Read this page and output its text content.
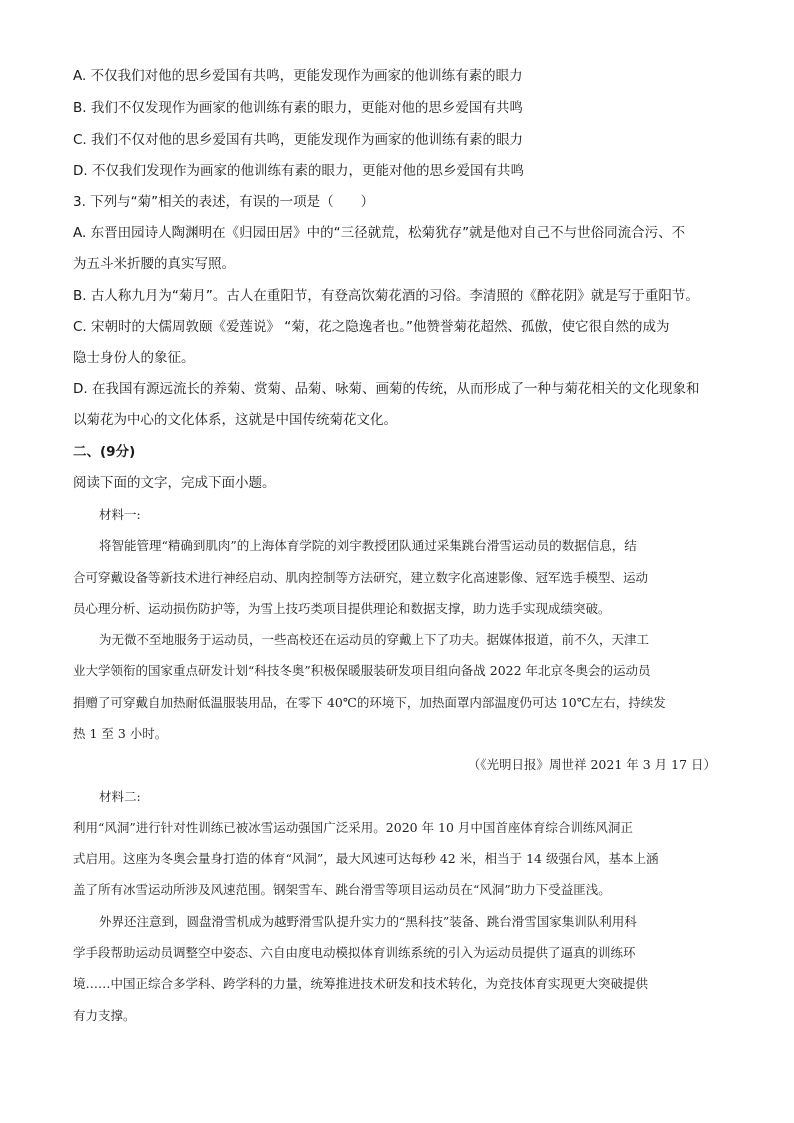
A. 不仅我们对他的思乡爱国有共鸣，更能发现作为画家的他训练有素的眼力
B. 我们不仅发现作为画家的他训练有素的眼力，更能对他的思乡爱国有共鸣
C. 我们不仅对他的思乡爱国有共鸣，更能发现作为画家的他训练有素的眼力
D. 不仅我们发现作为画家的他训练有素的眼力，更能对他的思乡爱国有共鸣
3. 下列与“菊”相关的表述，有误的一项是（　　）
A. 东晋田园诗人陶渊明在《归园田居》中的“三径就荒，松菊犹存”就是他对自己不与世俗同流合污、不
为五斗米折腰的真实写照。
B. 古人称九月为“菊月”。古人在重阳节，有登高饮菊花酒的习俗。李清照的《醉花阴》就是写于重阳节。
C. 宋朝时的大儒周敦颐《爱莲说》 “菊，花之隐逸者也。”他赞誉菊花超然、孤傲，使它很自然的成为
隐士身份人的象征。
D. 在我国有源远流长的养菊、赏菊、品菊、咏菊、画菊的传统，从而形成了一种与菊花相关的文化现象和
以菊花为中心的文化体系，这就是中国传统菊花文化。
二、(9分)
阅读下面的文字，完成下面小题。
材料一:
将智能管理“精确到肌肉”的上海体育学院的刘宇教授团队通过采集跳台滑雪运动员的数据信息，结
合可穿戴设备等新技术进行神经启动、肌肉控制等方法研究，建立数字化高速影像、冠军选手模型、运动
员心理分析、运动损伤防护等，为雪上技巧类项目提供理论和数据支撑，助力选手实现成绩突破。
为无微不至地服务于运动员，一些高校还在运动员的穿戴上下了功夫。据媒体报道，前不久，天津工
业大学领衔的国家重点研发计划“科技冬奥”积极保暖服装研发项目组向备战 2022 年北京冬奥会的运动员
捐赠了可穿戴自加热耐低温服装用品，在零下 40℃的环境下，加热面罩内部温度仍可达 10℃左右，持续发
热 1 至 3 小时。
（《光明日报》周世祥 2021 年 3 月 17 日）
材料二:
利用“风洞”进行针对性训练已被冰雪运动强国广泛采用。2020 年 10 月中国首座体育综合训练风洞正
式启用。这座为冬奥会量身打造的体育“风洞”，最大风速可达每秒 42 米，相当于 14 级强台风，基本上涵
盖了所有冰雪运动所涉及风速范围。钢架雪车、跳台滑雪等项目运动员在“风洞”助力下受益匪浅。
外界还注意到，圆盘滑雪机成为越野滑雪队提升实力的“黑科技”装备、跳台滑雪国家集训队利用科
学手段帮助运动员调整空中姿态、六自由度电动模拟体育训练系统的引入为运动员提供了逼真的训练环
境……中国正综合多学科、跨学科的力量，统筹推进技术研发和技术转化，为竞技体育实现更大突破提供
有力支撑。
